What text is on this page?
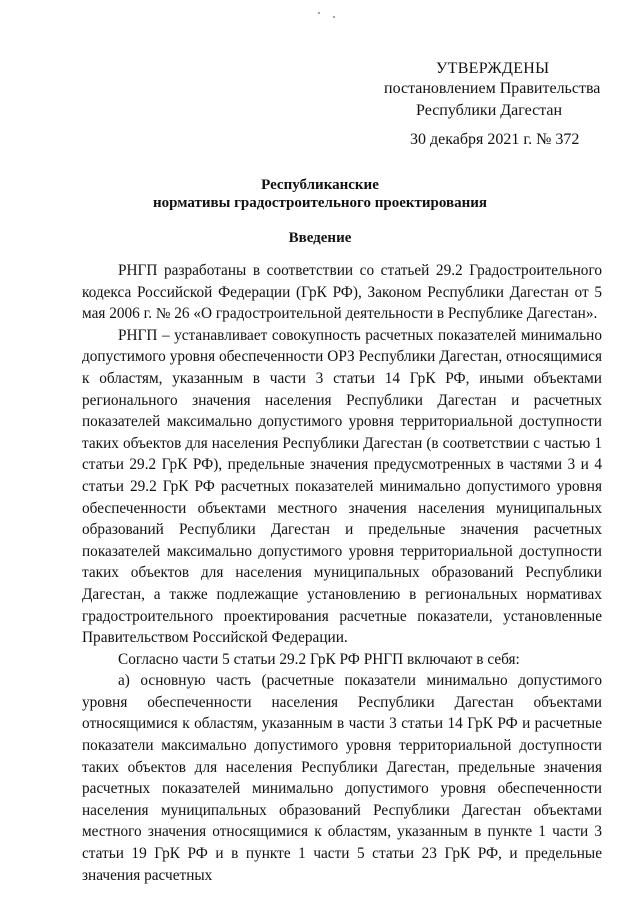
УТВЕРЖДЕНЫ
постановлением Правительства
Республики Дагестан
30 декабря 2021 г. № 372
Республиканские
нормативы градостроительного проектирования
Введение

РНГП разработаны в соответствии со статьей 29.2 Градостроительного кодекса Российской Федерации (ГрК РФ), Законом Республики Дагестан от 5 мая 2006 г. № 26 «О градостроительной деятельности в Республике Дагестан».

РНГП – устанавливает совокупность расчетных показателей минимально допустимого уровня обеспеченности ОРЗ Республики Дагестан, относящимися к областям, указанным в части 3 статьи 14 ГрК РФ, иными объектами регионального значения населения Республики Дагестан и расчетных показателей максимально допустимого уровня территориальной доступности таких объектов для населения Республики Дагестан (в соответствии с частью 1 статьи 29.2 ГрК РФ), предельные значения предусмотренных в частями 3 и 4 статьи 29.2 ГрК РФ расчетных показателей минимально допустимого уровня обеспеченности объектами местного значения населения муниципальных образований Республики Дагестан и предельные значения расчетных показателей максимально допустимого уровня территориальной доступности таких объектов для населения муниципальных образований Республики Дагестан, а также подлежащие установлению в региональных нормативах градостроительного проектирования расчетные показатели, установленные Правительством Российской Федерации.

Согласно части 5 статьи 29.2 ГрК РФ РНГП включают в себя:

а) основную часть (расчетные показатели минимально допустимого уровня обеспеченности населения Республики Дагестан объектами относящимися к областям, указанным в части 3 статьи 14 ГрК РФ и расчетные показатели максимально допустимого уровня территориальной доступности таких объектов для населения Республики Дагестан, предельные значения расчетных показателей минимально допустимого уровня обеспеченности населения муниципальных образований Республики Дагестан объектами местного значения относящимися к областям, указанным в пункте 1 части 3 статьи 19 ГрК РФ и в пункте 1 части 5 статьи 23 ГрК РФ, и предельные значения расчетных
